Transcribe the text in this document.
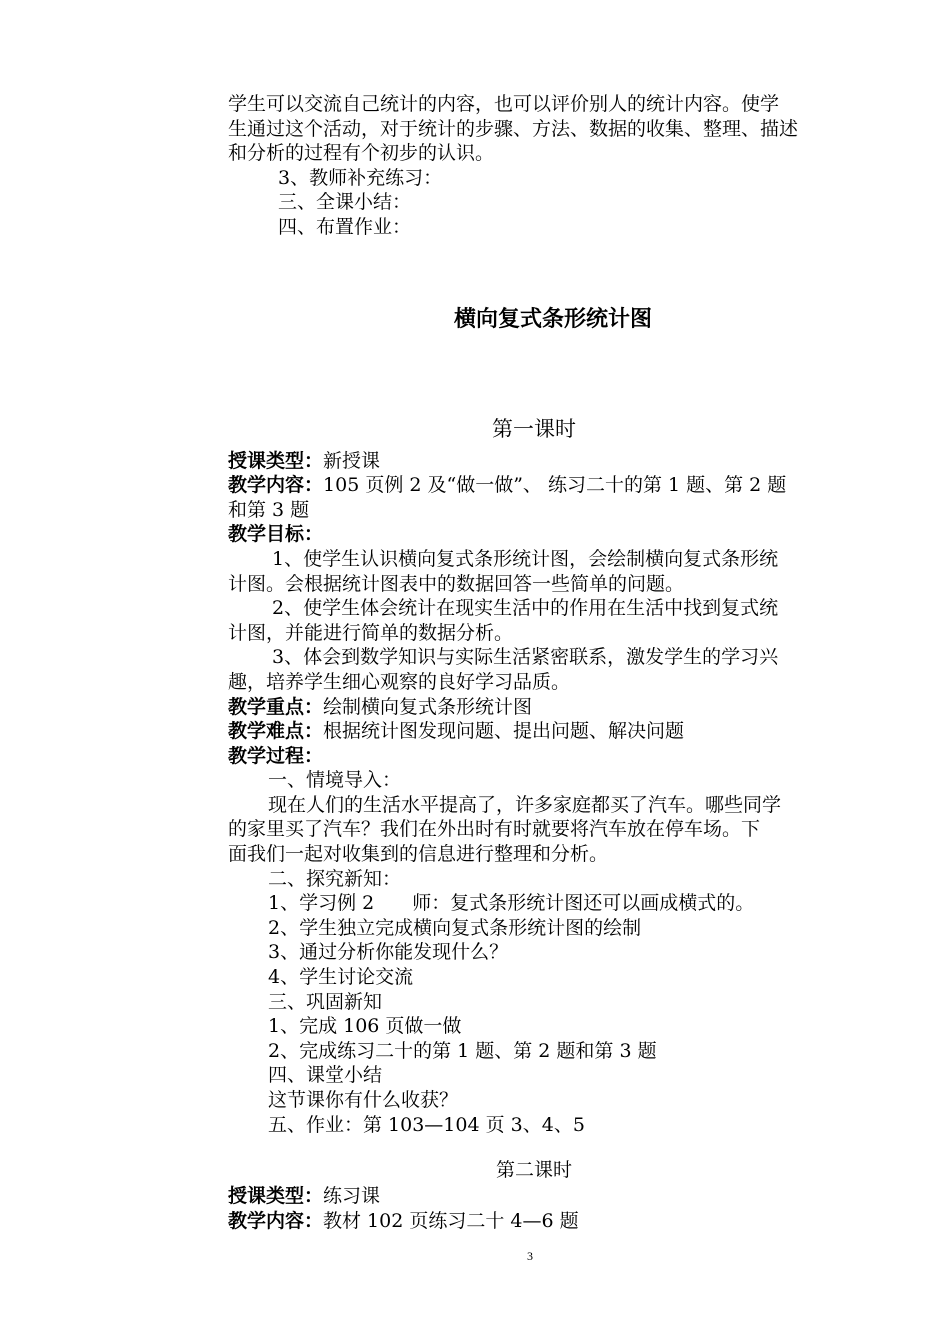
学生可以交流自己统计的内容，也可以评价别人的统计内容。使学
生通过这个活动，对于统计的步骤、方法、数据的收集、整理、描述
和分析的过程有个初步的认识。
3、教师补充练习：
三、全课小结：
四、布置作业：
横向复式条形统计图
第一课时
授课类型：新授课
教学内容：105 页例 2 及“做一做”、 练习二十的第 1 题、第 2 题
和第 3 题
教学目标：
1、使学生认识横向复式条形统计图，会绘制横向复式条形统
计图。会根据统计图表中的数据回答一些简单的问题。
2、使学生体会统计在现实生活中的作用在生活中找到复式统
计图，并能进行简单的数据分析。
3、体会到数学知识与实际生活紧密联系，激发学生的学习兴
趣，培养学生细心观察的良好学习品质。
教学重点：绘制横向复式条形统计图
教学难点：根据统计图发现问题、提出问题、解决问题
教学过程：
一、情境导入：
现在人们的生活水平提高了，许多家庭都买了汽车。哪些同学
的家里买了汽车？我们在外出时有时就要将汽车放在停车场。下
面我们一起对收集到的信息进行整理和分析。
二、探究新知：
1、学习例 2　　师：复式条形统计图还可以画成横式的。
2、学生独立完成横向复式条形统计图的绘制
3、通过分析你能发现什么？
4、学生讨论交流
三、巩固新知
1、完成 106 页做一做
2、完成练习二十的第 1 题、第 2 题和第 3 题
四、课堂小结
这节课你有什么收获？
五、作业：第 103—104 页 3、4、5
第二课时
授课类型：练习课
教学内容：教材 102 页练习二十 4—6 题
3
